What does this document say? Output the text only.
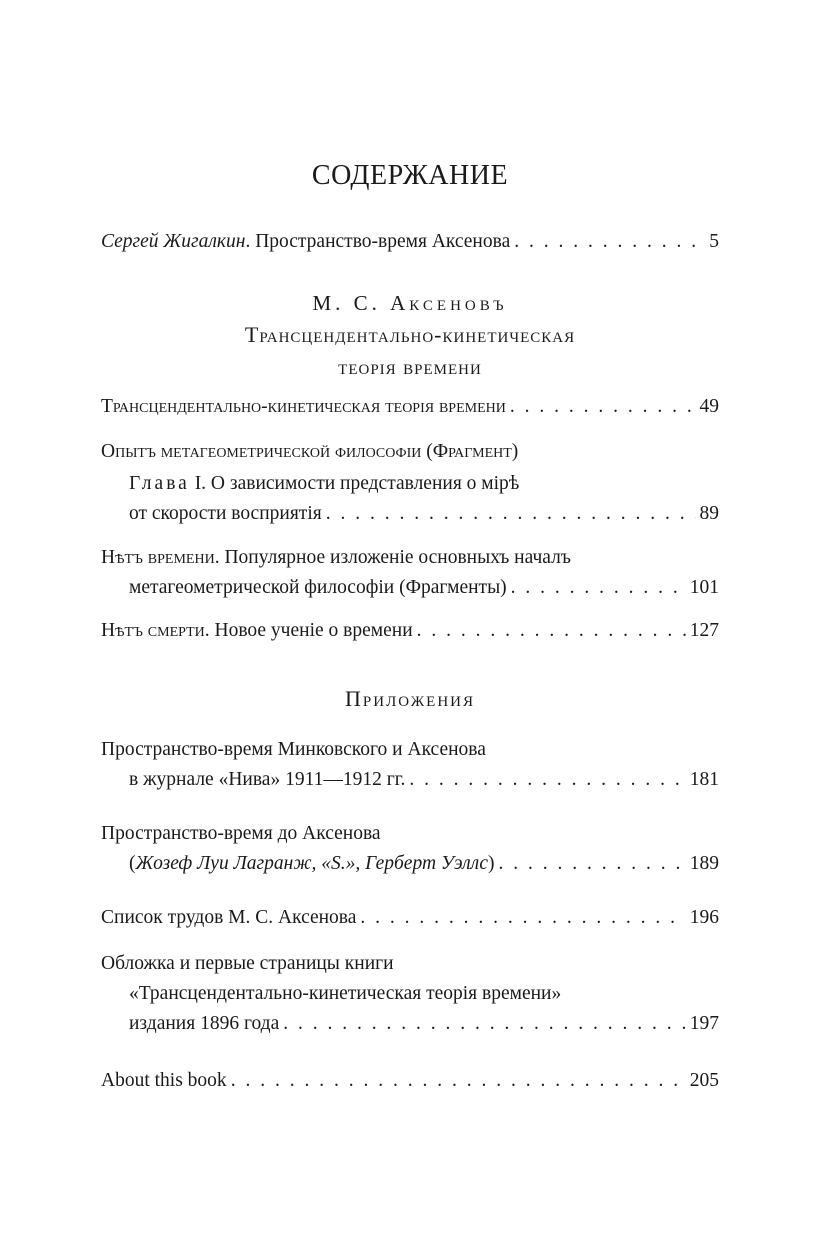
СОДЕРЖАНИЕ
Сергей Жигалкин. Пространство-время Аксенова . . .	5
М. С. Аксеновъ
Трансцендентально-кинетическая
теорія времени
Трансцендентально-кинетическая теорія времени . . .	49
Опытъ метагеометрической философіи (Фрагмент)
Глава I. О зависимости представления о мірѣ
от скорости восприятія . . .	89
Нѣтъ времени. Популярное изложеніе основныхъ началъ
метагеометрической философіи (Фрагменты) . . .	101
Нѣтъ смерти. Новое ученіе о времени . . .	127
Приложения
Пространство-время Минковского и Аксенова
в журнале «Нива» 1911—1912 гг. . . .	181
Пространство-время до Аксенова
(Жозеф Луи Лагранж, «S.», Герберт Уэллс) . . .	189
Список трудов М. С. Аксенова . . .	196
Обложка и первые страницы книги
«Трансцендентально-кинетическая теорія времени»
издания 1896 года . . .	197
About this book . . .	205
